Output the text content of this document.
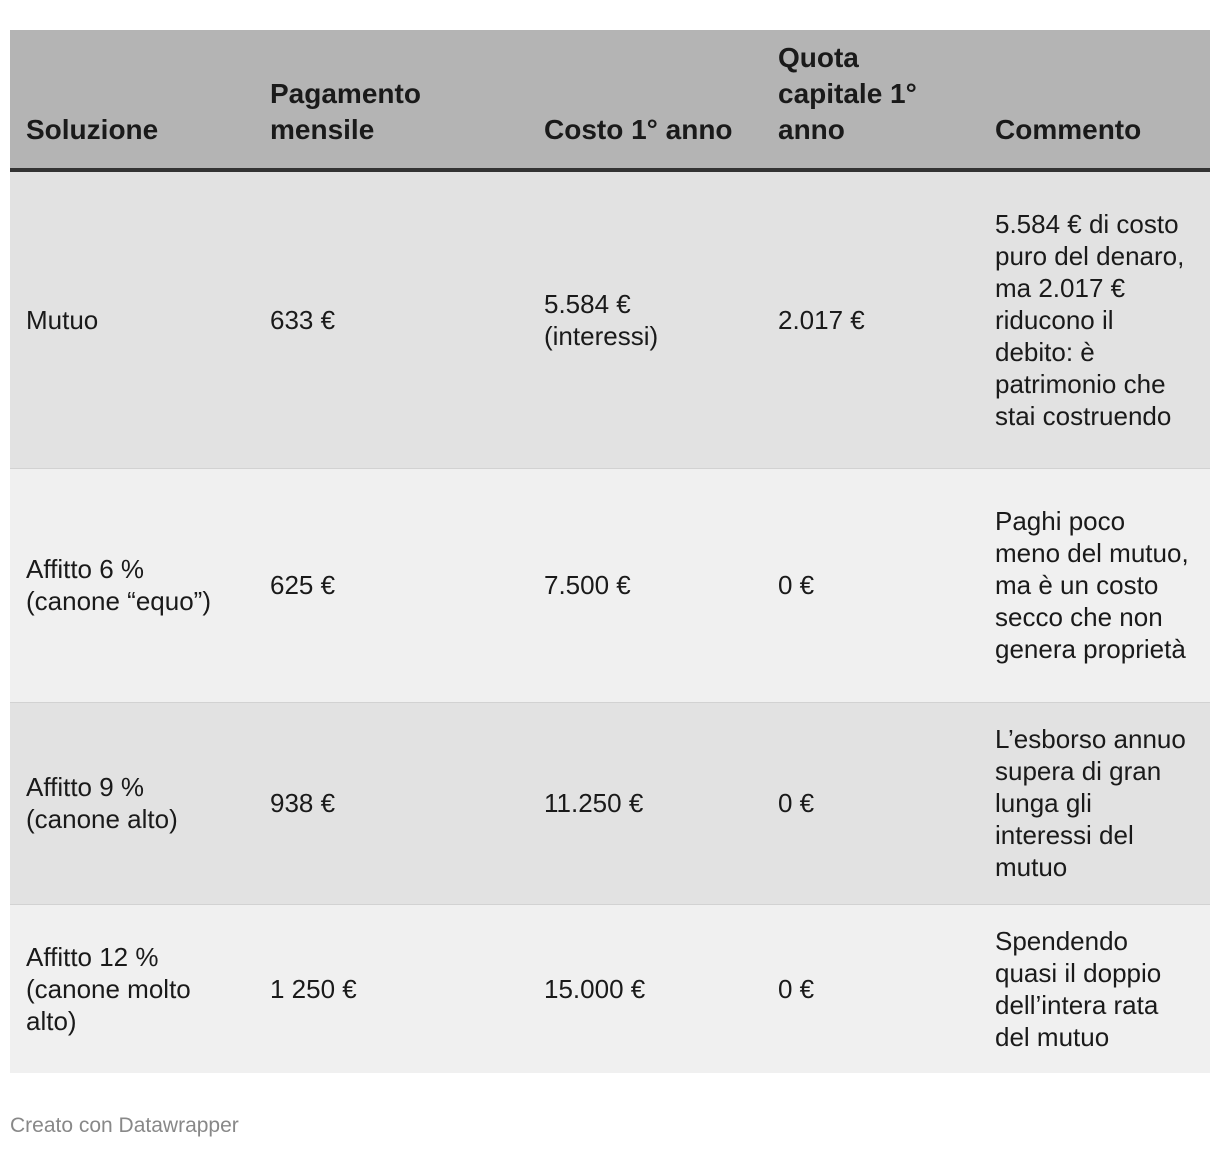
Soluzione	Pagamento mensile	Costo 1° anno	Quota capitale 1° anno	Commento
Mutuo	633 €	5.584 € (interessi)	2.017 €	5.584 € di costo puro del denaro, ma 2.017 € riducono il debito: è patrimonio che stai costruendo
Affitto 6 % (canone “equo”)	625 €	7.500 €	0 €	Paghi poco meno del mutuo, ma è un costo secco che non genera proprietà
Affitto 9 % (canone alto)	938 €	11.250 €	0 €	L’esborso annuo supera di gran lunga gli interessi del mutuo
Affitto 12 % (canone molto alto)	1 250 €	15.000 €	0 €	Spendendo quasi il doppio dell’intera rata del mutuo
Creato con Datawrapper
